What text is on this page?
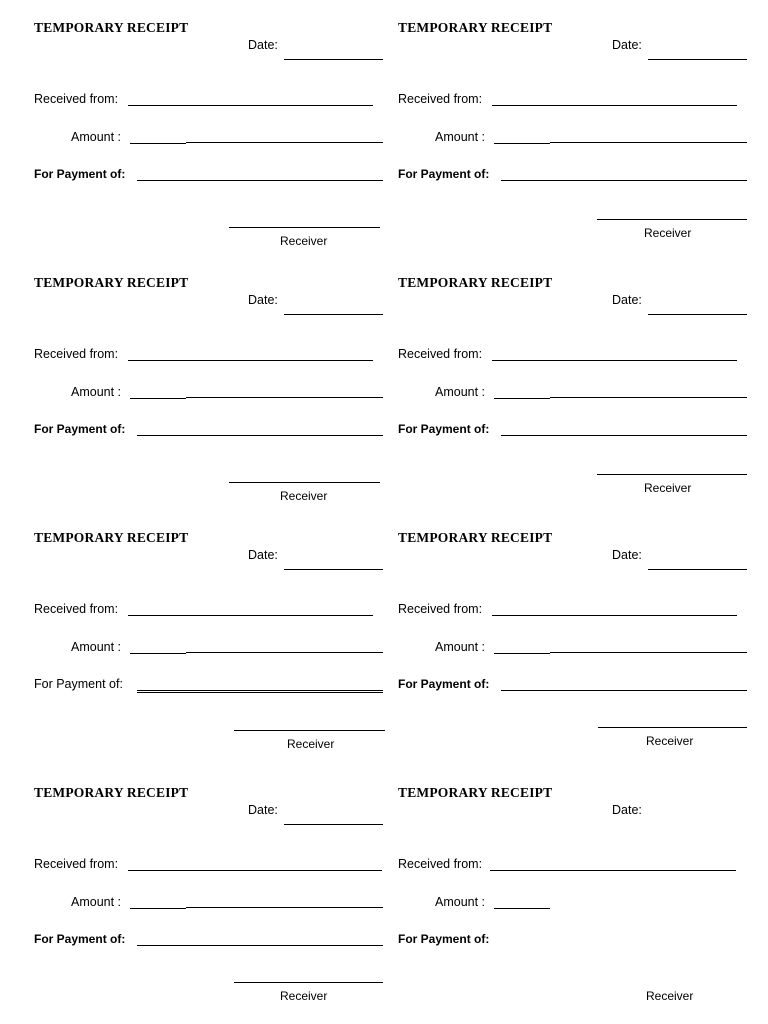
TEMPORARY RECEIPT
Date:
Received from:
Amount :
For Payment of:
Receiver
TEMPORARY RECEIPT
Date:
Received from:
Amount :
For Payment of:
Receiver
TEMPORARY RECEIPT
Date:
Received from:
Amount :
For Payment of:
Receiver
TEMPORARY RECEIPT
Date:
Received from:
Amount :
For Payment of:
Receiver
TEMPORARY RECEIPT
Date:
Received from:
Amount :
For Payment of:
Receiver
TEMPORARY RECEIPT
Date:
Received from:
Amount :
For Payment of:
Receiver
TEMPORARY RECEIPT
Date:
Received from:
Amount :
For Payment of:
Receiver
TEMPORARY RECEIPT
Date:
Received from:
Amount :
For Payment of:
Receiver
